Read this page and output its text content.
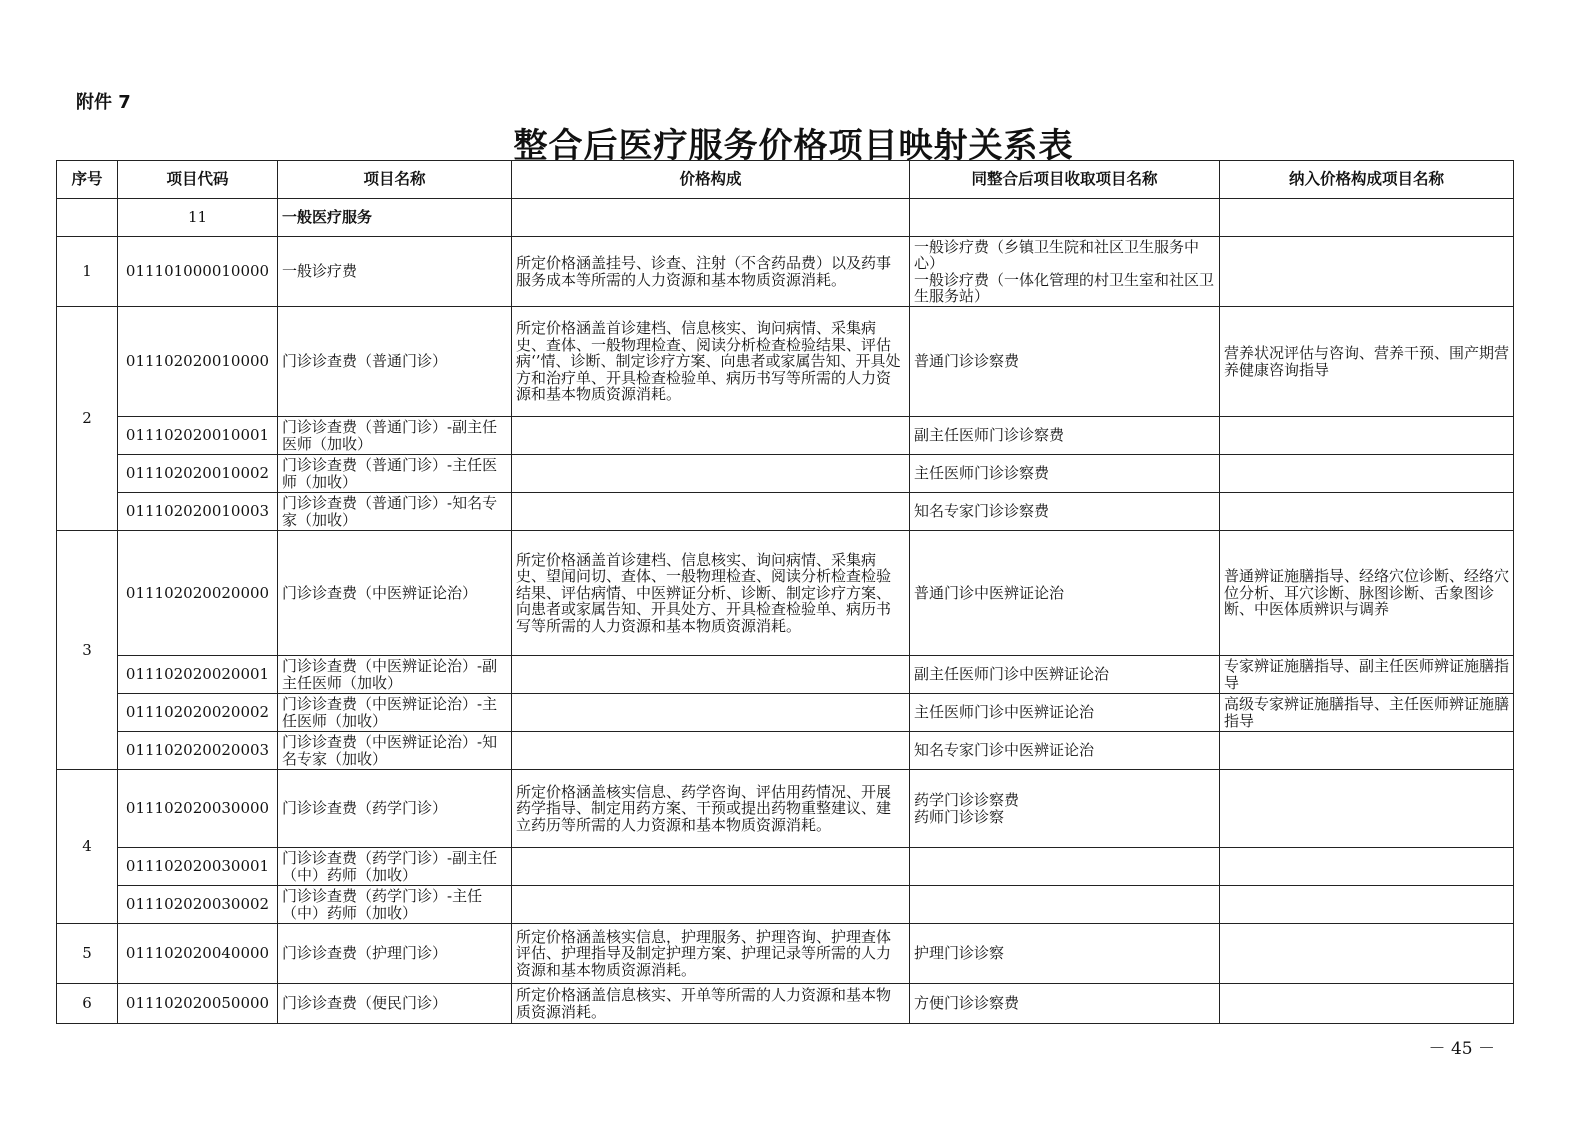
附件 7
整合后医疗服务价格项目映射关系表
序号	项目代码	项目名称	价格构成	同整合后项目收取项目名称	纳入价格构成项目名称
	11	一般医疗服务			
1	011101000010000	一般诊疗费	所定价格涵盖挂号、诊查、注射（不含药品费）以及药事服务成本等所需的人力资源和基本物质资源消耗。	一般诊疗费（乡镇卫生院和社区卫生服务中心）
一般诊疗费（一体化管理的村卫生室和社区卫生服务站）	
2	011102020010000	门诊诊查费（普通门诊）	所定价格涵盖首诊建档、信息核实、询问病情、采集病史、查体、一般物理检查、阅读分析检查检验结果、评估病‘’情、诊断、制定诊疗方案、向患者或家属告知、开具处方和治疗单、开具检查检验单、病历书写等所需的人力资源和基本物质资源消耗。	普通门诊诊察费	营养状况评估与咨询、营养干预、围产期营养健康咨询指导
	011102020010001	门诊诊查费（普通门诊）-副主任医师（加收）		副主任医师门诊诊察费	
	011102020010002	门诊诊查费（普通门诊）-主任医师（加收）		主任医师门诊诊察费	
	011102020010003	门诊诊查费（普通门诊）-知名专家（加收）		知名专家门诊诊察费	
3	011102020020000	门诊诊查费（中医辨证论治）	所定价格涵盖首诊建档、信息核实、询问病情、采集病史、望闻问切、查体、一般物理检查、阅读分析检查检验结果、评估病情、中医辨证分析、诊断、制定诊疗方案、向患者或家属告知、开具处方、开具检查检验单、病历书写等所需的人力资源和基本物质资源消耗。	普通门诊中医辨证论治	普通辨证施膳指导、经络穴位诊断、经络穴位分析、耳穴诊断、脉图诊断、舌象图诊断、中医体质辨识与调养
	011102020020001	门诊诊查费（中医辨证论治）-副主任医师（加收）		副主任医师门诊中医辨证论治	专家辨证施膳指导、副主任医师辨证施膳指导
	011102020020002	门诊诊查费（中医辨证论治）-主任医师（加收）		主任医师门诊中医辨证论治	高级专家辨证施膳指导、主任医师辨证施膳指导
	011102020020003	门诊诊查费（中医辨证论治）-知名专家（加收）		知名专家门诊中医辨证论治	
4	011102020030000	门诊诊查费（药学门诊）	所定价格涵盖核实信息、药学咨询、评估用药情况、开展药学指导、制定用药方案、干预或提出药物重整建议、建立药历等所需的人力资源和基本物质资源消耗。	药学门诊诊察费
药师门诊诊察	
	011102020030001	门诊诊查费（药学门诊）-副主任（中）药师（加收）			
	011102020030002	门诊诊查费（药学门诊）-主任（中）药师（加收）			
5	011102020040000	门诊诊查费（护理门诊）	所定价格涵盖核实信息，护理服务、护理咨询、护理查体评估、护理指导及制定护理方案、护理记录等所需的人力资源和基本物质资源消耗。	护理门诊诊察	
6	011102020050000	门诊诊查费（便民门诊）	所定价格涵盖信息核实、开单等所需的人力资源和基本物质资源消耗。	方便门诊诊察费	
－ 45 －
